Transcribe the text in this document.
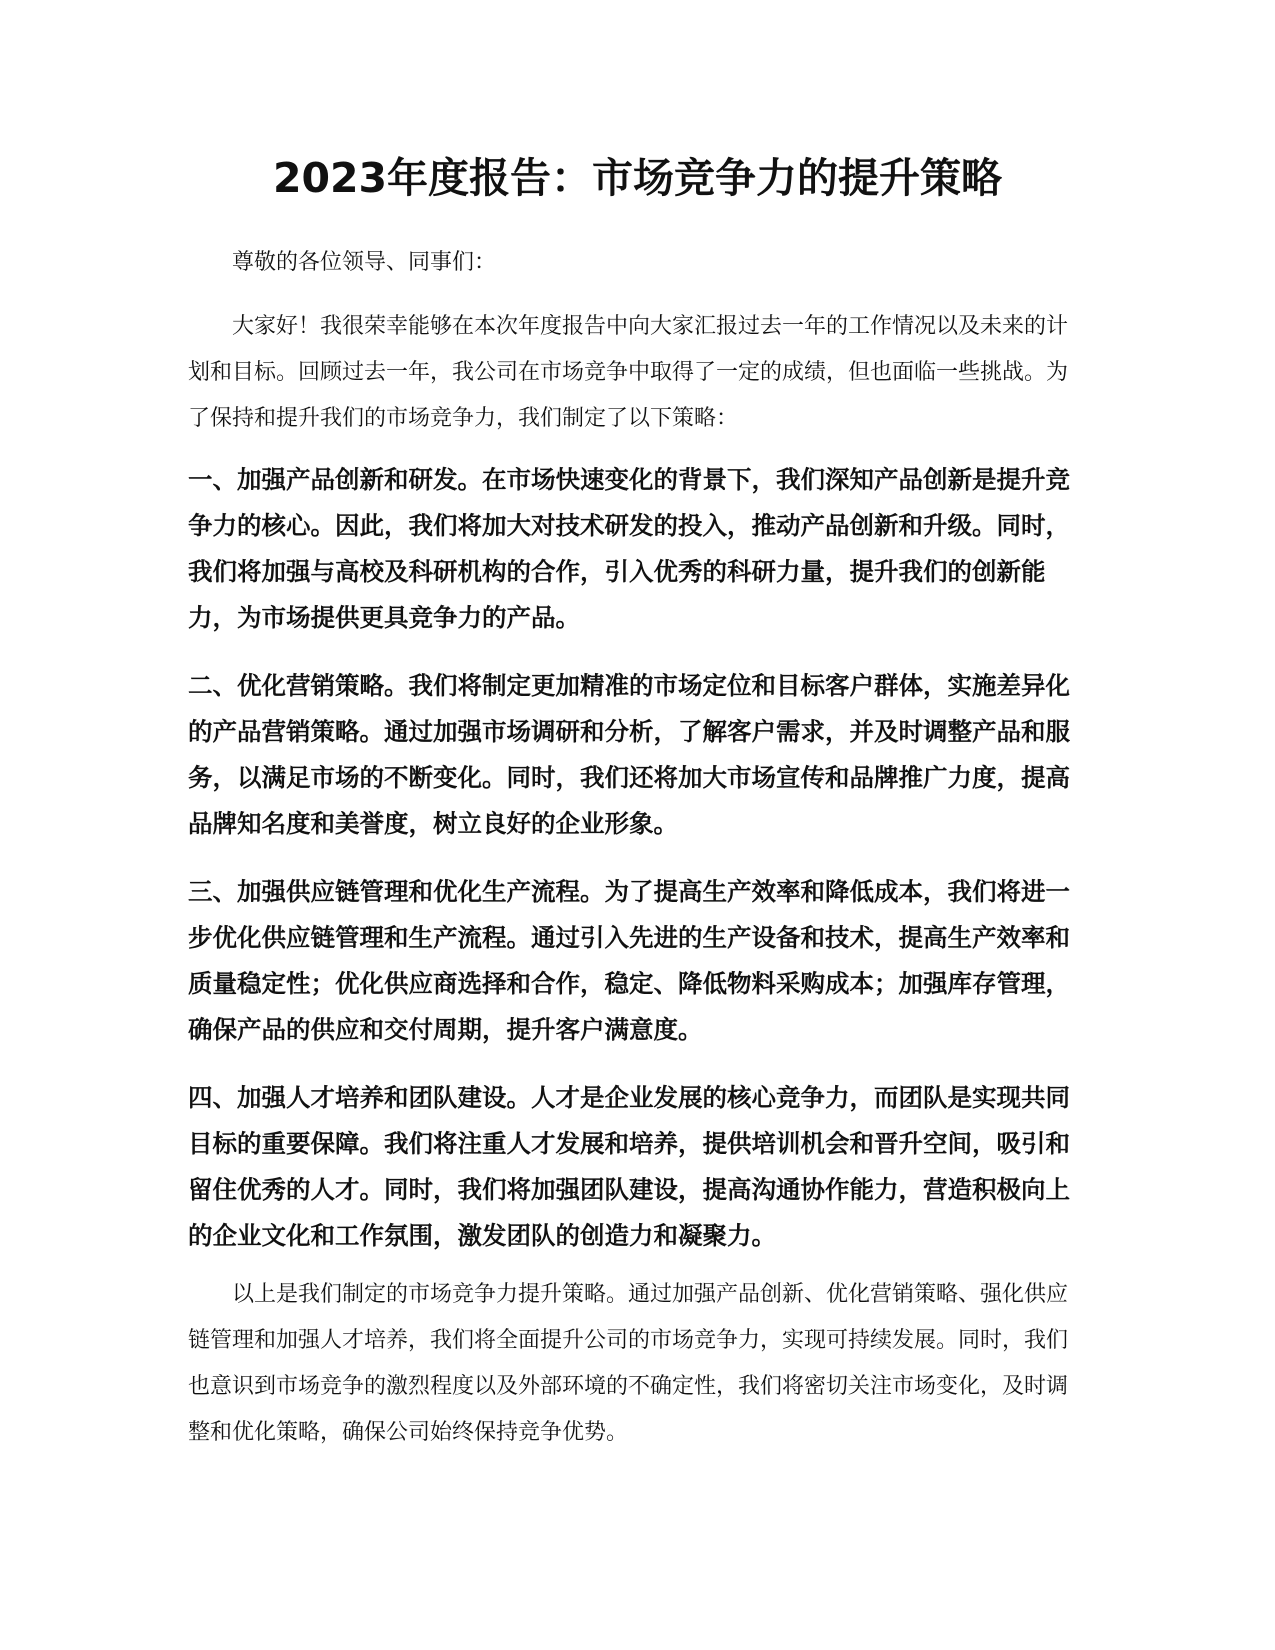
2023年度报告：市场竞争力的提升策略

尊敬的各位领导、同事们：

大家好！我很荣幸能够在本次年度报告中向大家汇报过去一年的工作情况以及未来的计划和目标。回顾过去一年，我公司在市场竞争中取得了一定的成绩，但也面临一些挑战。为了保持和提升我们的市场竞争力，我们制定了以下策略：

一、加强产品创新和研发。在市场快速变化的背景下，我们深知产品创新是提升竞争力的核心。因此，我们将加大对技术研发的投入，推动产品创新和升级。同时，我们将加强与高校及科研机构的合作，引入优秀的科研力量，提升我们的创新能力，为市场提供更具竞争力的产品。

二、优化营销策略。我们将制定更加精准的市场定位和目标客户群体，实施差异化的产品营销策略。通过加强市场调研和分析，了解客户需求，并及时调整产品和服务，以满足市场的不断变化。同时，我们还将加大市场宣传和品牌推广力度，提高品牌知名度和美誉度，树立良好的企业形象。

三、加强供应链管理和优化生产流程。为了提高生产效率和降低成本，我们将进一步优化供应链管理和生产流程。通过引入先进的生产设备和技术，提高生产效率和质量稳定性；优化供应商选择和合作，稳定、降低物料采购成本；加强库存管理，确保产品的供应和交付周期，提升客户满意度。

四、加强人才培养和团队建设。人才是企业发展的核心竞争力，而团队是实现共同目标的重要保障。我们将注重人才发展和培养，提供培训机会和晋升空间，吸引和留住优秀的人才。同时，我们将加强团队建设，提高沟通协作能力，营造积极向上的企业文化和工作氛围，激发团队的创造力和凝聚力。

以上是我们制定的市场竞争力提升策略。通过加强产品创新、优化营销策略、强化供应链管理和加强人才培养，我们将全面提升公司的市场竞争力，实现可持续发展。同时，我们也意识到市场竞争的激烈程度以及外部环境的不确定性，我们将密切关注市场变化，及时调整和优化策略，确保公司始终保持竞争优势。
